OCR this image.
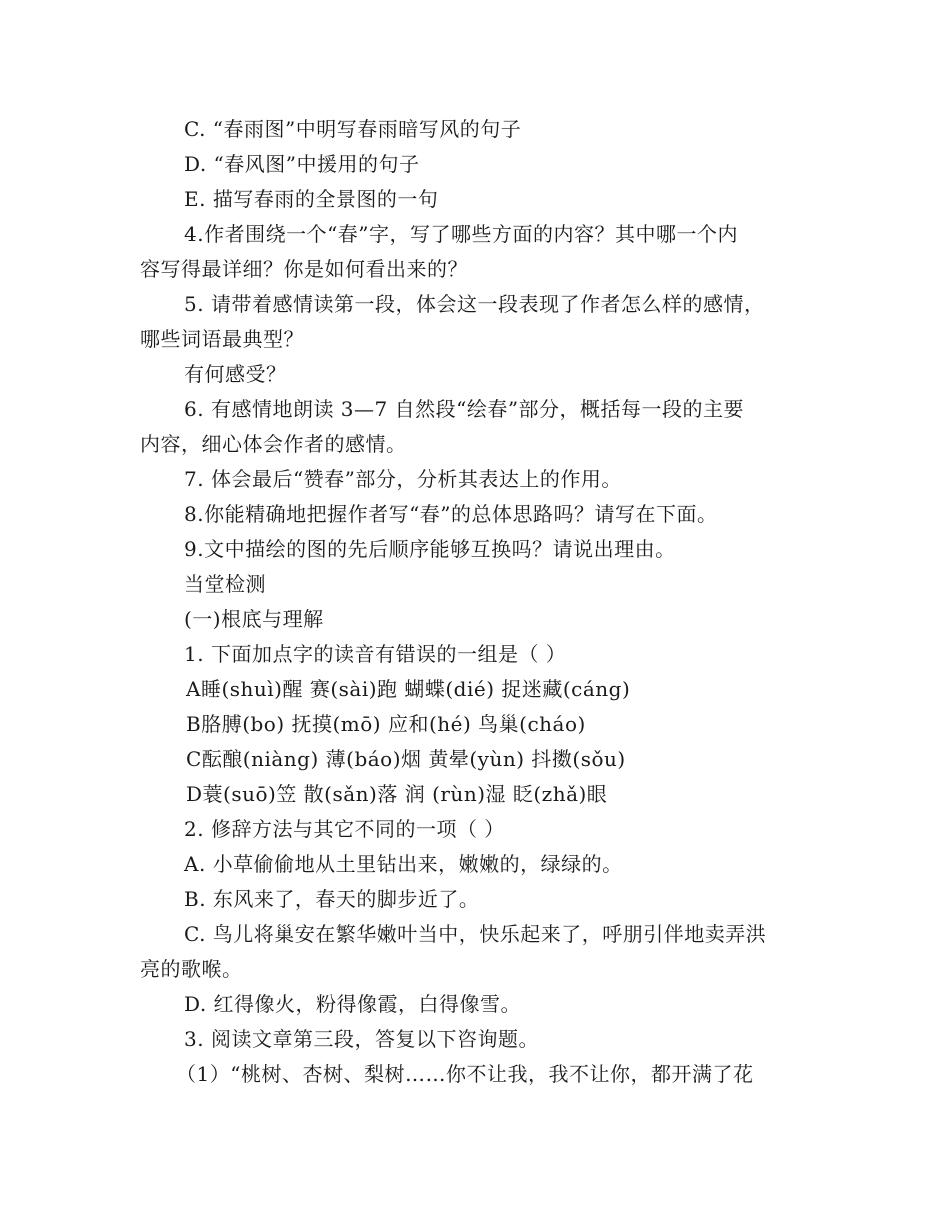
C. “春雨图”中明写春雨暗写风的句子
D. “春风图”中援用的句子
E. 描写春雨的全景图的一句
4.作者围绕一个“春”字，写了哪些方面的内容？其中哪一个内
容写得最详细？你是如何看出来的？
5. 请带着感情读第一段，体会这一段表现了作者怎么样的感情，
哪些词语最典型？
有何感受？
6. 有感情地朗读 3—7 自然段“绘春”部分，概括每一段的主要
内容，细心体会作者的感情。
7. 体会最后“赞春”部分，分析其表达上的作用。
8.你能精确地把握作者写“春”的总体思路吗？请写在下面。
9.文中描绘的图的先后顺序能够互换吗？请说出理由。
当堂检测
(一)根底与理解
1. 下面加点字的读音有错误的一组是（ ）
A睡(shuì)醒 赛(sài)跑 蝴蝶(dié) 捉迷藏(cáng)
B胳膊(bo) 抚摸(mō) 应和(hé) 鸟巢(cháo)
C酝酿(niàng) 薄(báo)烟 黄晕(yùn) 抖擞(sǒu)
D蓑(suō)笠 散(sǎn)落 润 (rùn)湿 眨(zhǎ)眼
2. 修辞方法与其它不同的一项（ ）
A. 小草偷偷地从土里钻出来，嫩嫩的，绿绿的。
B. 东风来了，春天的脚步近了。
C. 鸟儿将巢安在繁华嫩叶当中，快乐起来了，呼朋引伴地卖弄洪
亮的歌喉。
D. 红得像火，粉得像霞，白得像雪。
3. 阅读文章第三段，答复以下咨询题。
（1）“桃树、杏树、梨树……你不让我，我不让你，都开满了花
